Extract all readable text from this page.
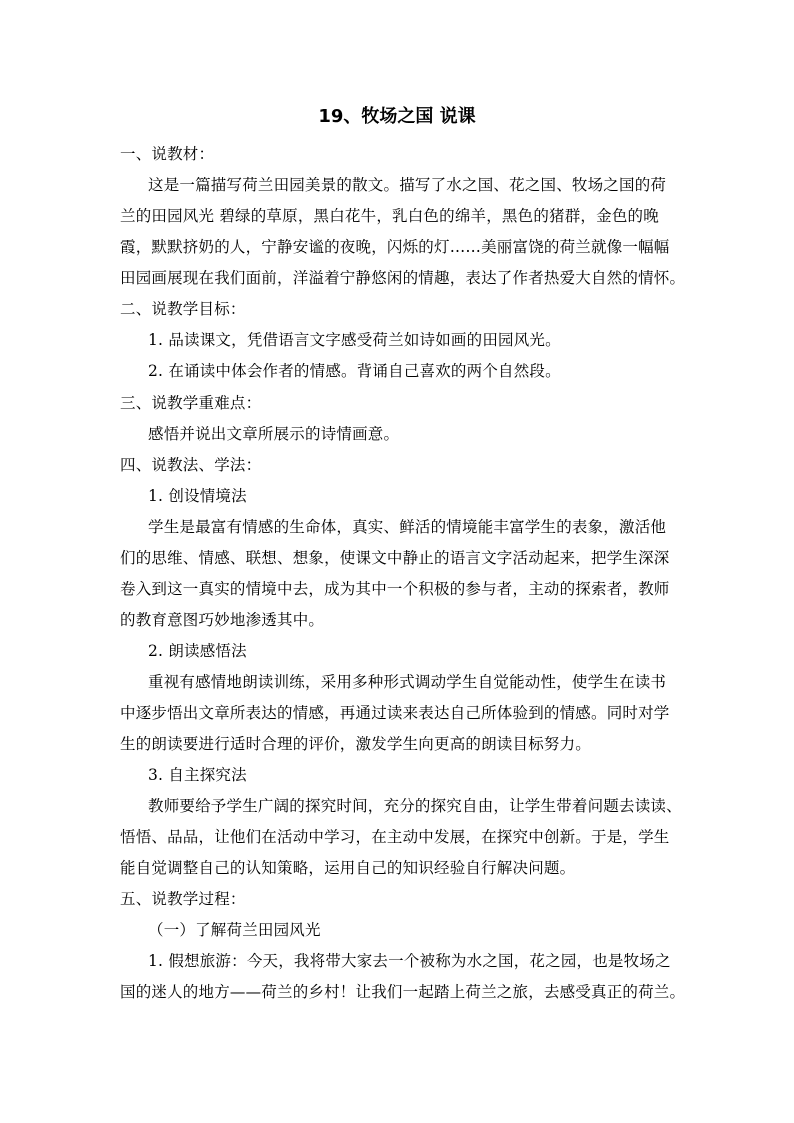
19、牧场之国 说课
一、说教材：
这是一篇描写荷兰田园美景的散文。描写了水之国、花之国、牧场之国的荷
兰的田园风光 碧绿的草原，黑白花牛，乳白色的绵羊，黑色的猪群，金色的晚
霞，默默挤奶的人，宁静安谧的夜晚，闪烁的灯……美丽富饶的荷兰就像一幅幅
田园画展现在我们面前，洋溢着宁静悠闲的情趣，表达了作者热爱大自然的情怀。
二、说教学目标：
1. 品读课文，凭借语言文字感受荷兰如诗如画的田园风光。
2. 在诵读中体会作者的情感。背诵自己喜欢的两个自然段。
三、说教学重难点：
感悟并说出文章所展示的诗情画意。
四、说教法、学法：
1. 创设情境法
学生是最富有情感的生命体，真实、鲜活的情境能丰富学生的表象，激活他
们的思维、情感、联想、想象，使课文中静止的语言文字活动起来，把学生深深
卷入到这一真实的情境中去，成为其中一个积极的参与者，主动的探索者，教师
的教育意图巧妙地渗透其中。
2. 朗读感悟法
重视有感情地朗读训练，采用多种形式调动学生自觉能动性，使学生在读书
中逐步悟出文章所表达的情感，再通过读来表达自己所体验到的情感。同时对学
生的朗读要进行适时合理的评价，激发学生向更高的朗读目标努力。
3. 自主探究法
教师要给予学生广阔的探究时间，充分的探究自由，让学生带着问题去读读、
悟悟、品品，让他们在活动中学习，在主动中发展，在探究中创新。于是，学生
能自觉调整自己的认知策略，运用自己的知识经验自行解决问题。
五、说教学过程：
（一）了解荷兰田园风光
1. 假想旅游：今天，我将带大家去一个被称为水之国，花之园，也是牧场之
国的迷人的地方——荷兰的乡村！让我们一起踏上荷兰之旅，去感受真正的荷兰。
